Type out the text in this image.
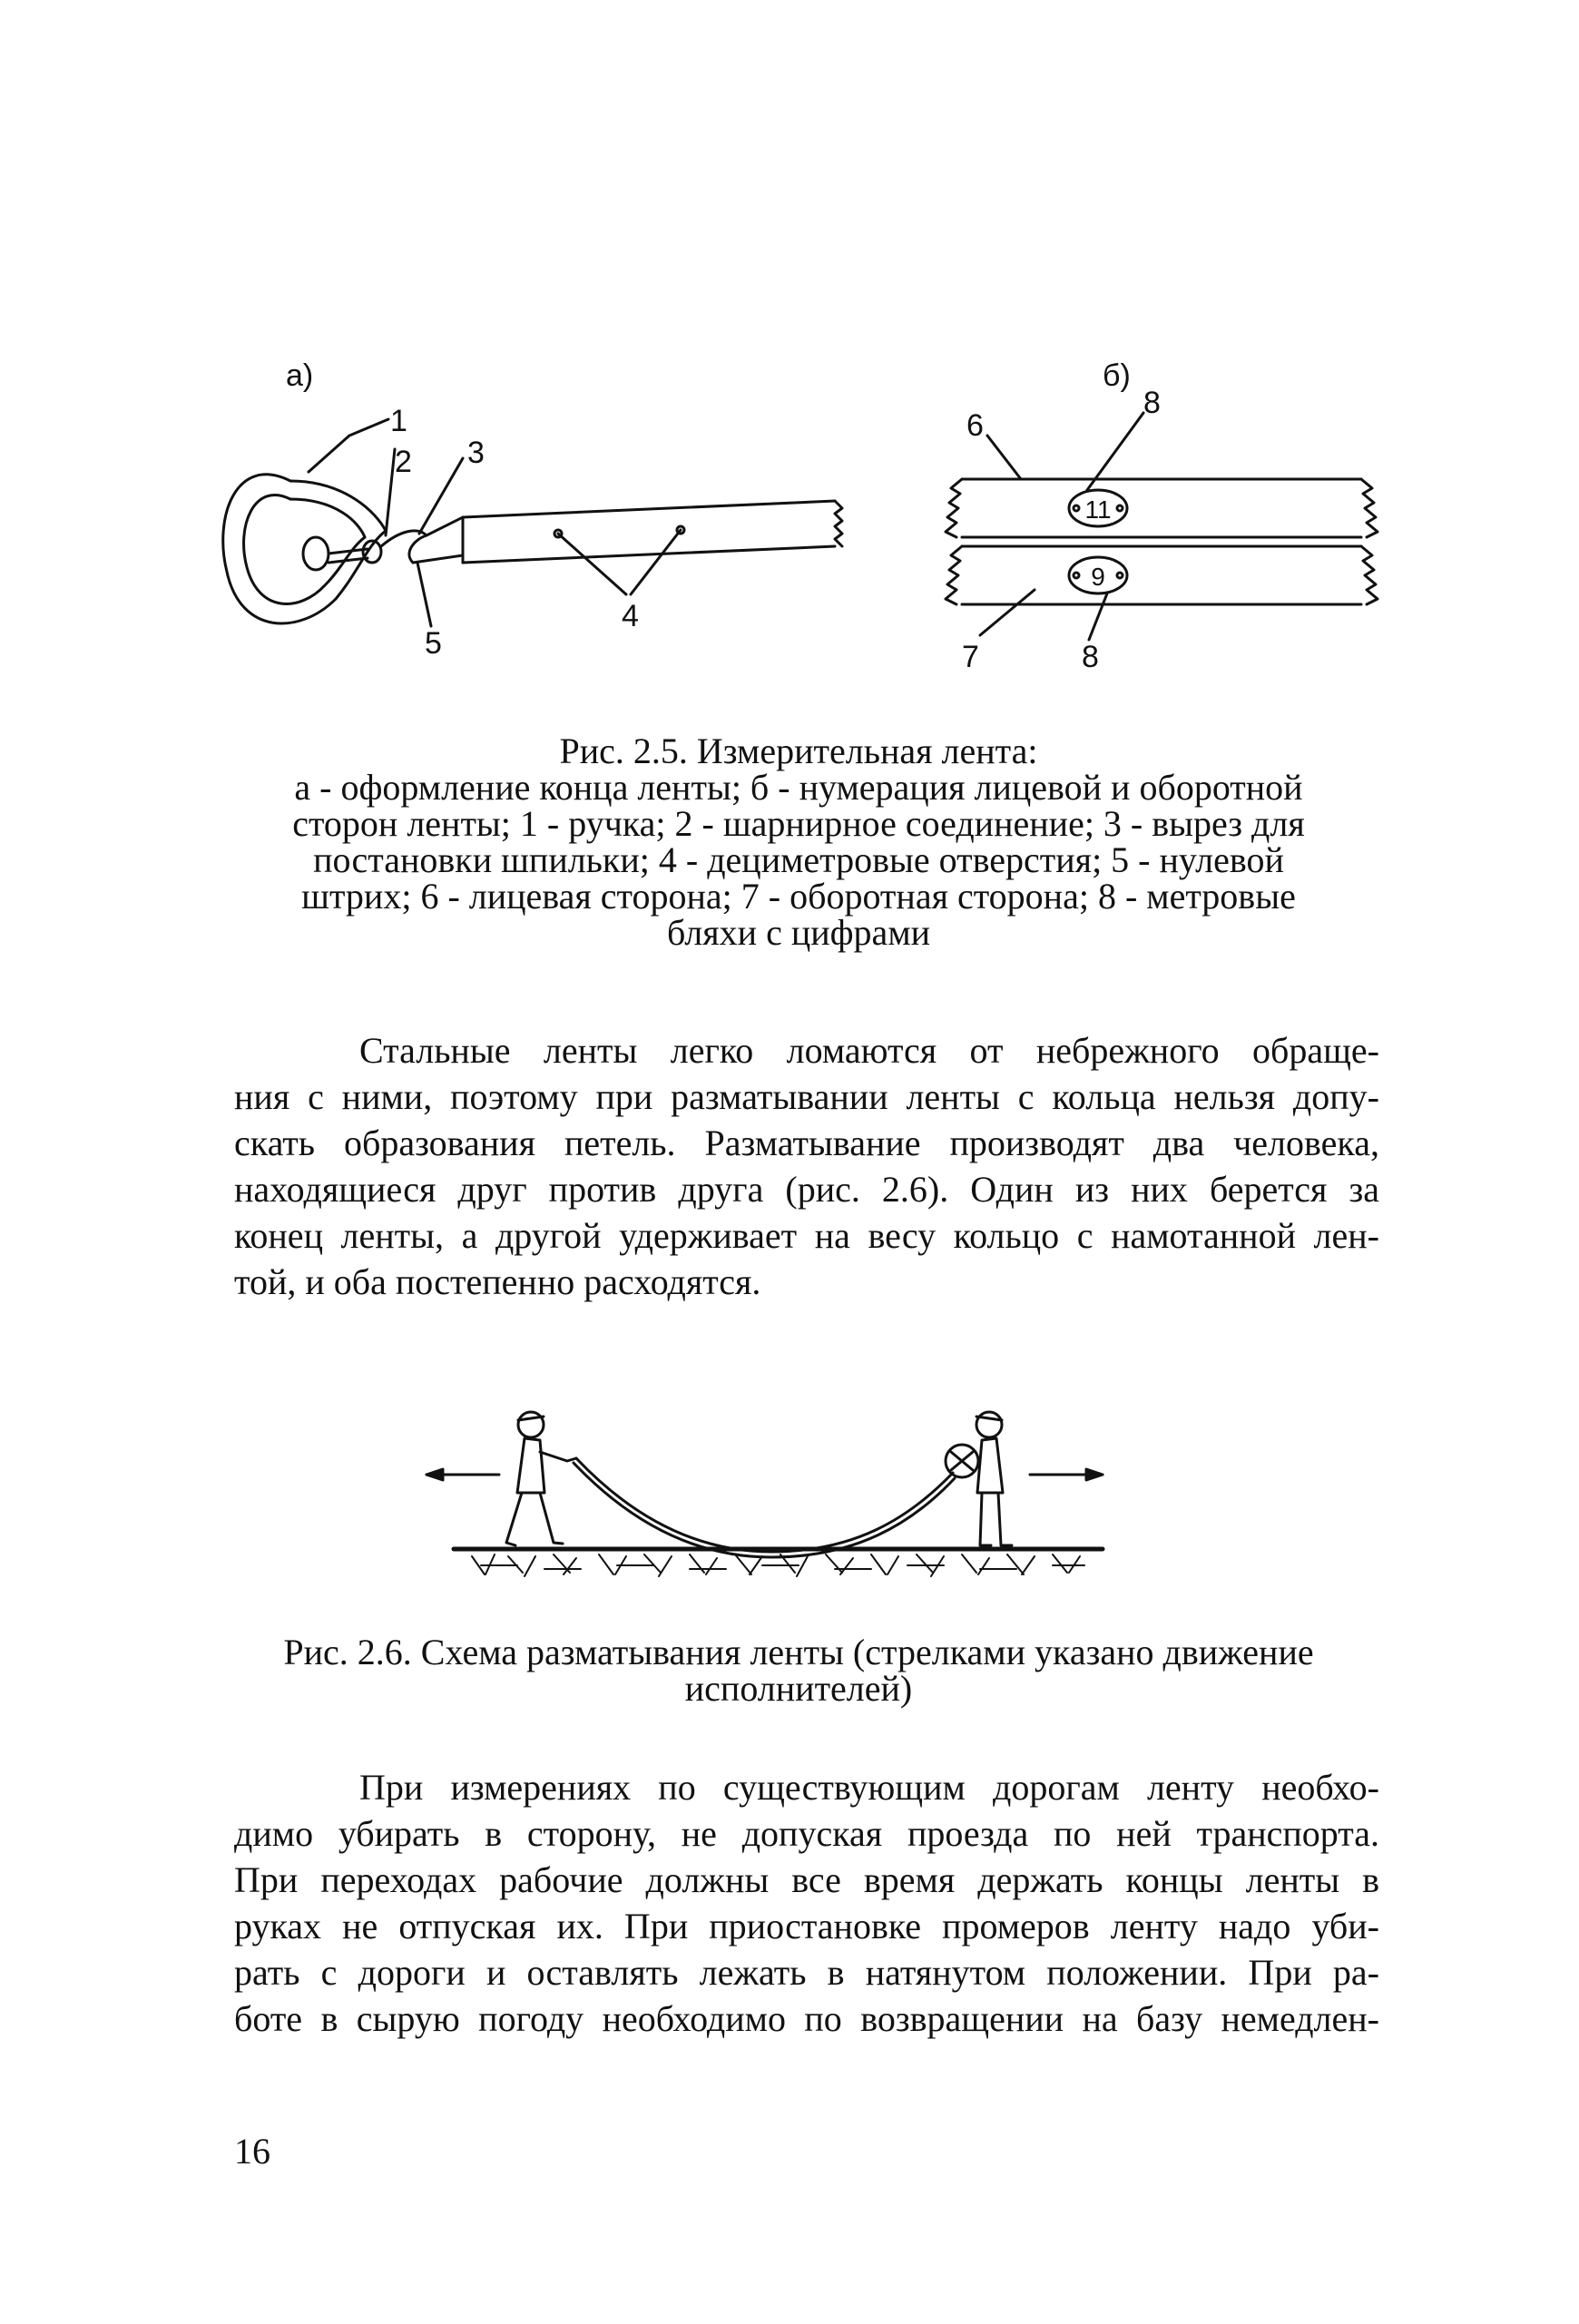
а)	б)
1
2 3
4
5
6
7
8
8
11
9
Рис. 2.5. Измерительная лента:
а - оформление конца ленты; б - нумерация лицевой и оборотной
сторон ленты; 1 - ручка; 2 - шарнирное соединение; 3 - вырез для
постановки шпильки; 4 - дециметровые отверстия; 5 - нулевой
штрих; 6 - лицевая сторона; 7 - оборотная сторона; 8 - метровые
бляхи с цифрами
Стальные ленты легко ломаются от небрежного обраще-
ния с ними, поэтому при разматывании ленты с кольца нельзя допу-
скать образования петель. Разматывание производят два человека,
находящиеся друг против друга (рис. 2.6). Один из них берется за
конец ленты, а другой удерживает на весу кольцо с намотанной лен-
той, и оба постепенно расходятся.
Рис. 2.6. Схема разматывания ленты (стрелками указано движение
исполнителей)
При измерениях по существующим дорогам ленту необхо-
димо убирать в сторону, не допуская проезда по ней транспорта.
При переходах рабочие должны все время держать концы ленты в
руках не отпуская их. При приостановке промеров ленту надо уби-
рать с дороги и оставлять лежать в натянутом положении. При ра-
боте в сырую погоду необходимо по возвращении на базу немедлен-
16
